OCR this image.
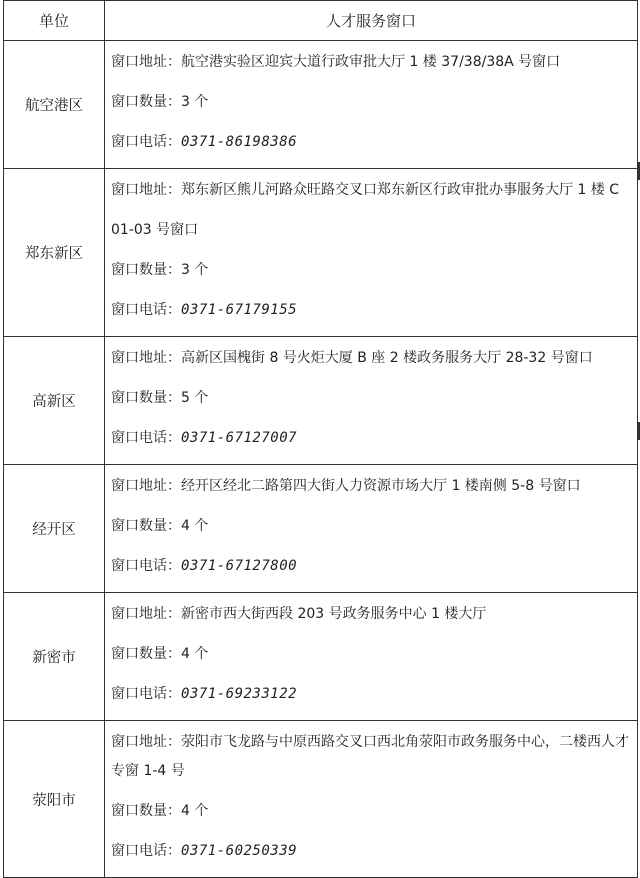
单位	人才服务窗口
航空港区	窗口地址：航空港实验区迎宾大道行政审批大厅 1 楼 37/38/38A 号窗口
窗口数量：3 个
窗口电话：0371-86198386

郑东新区	窗口地址：郑东新区熊儿河路众旺路交叉口郑东新区行政审批办事服务大厅 1 楼 C 01-03 号窗口
窗口数量：3 个
窗口电话：0371-67179155

高新区	窗口地址：高新区国槐街 8 号火炬大厦 B 座 2 楼政务服务大厅 28-32 号窗口
窗口数量：5 个
窗口电话：0371-67127007

经开区	窗口地址：经开区经北二路第四大街人力资源市场大厅 1 楼南侧 5-8 号窗口
窗口数量：4 个
窗口电话：0371-67127800

新密市	窗口地址：新密市西大街西段 203 号政务服务中心 1 楼大厅
窗口数量：4 个
窗口电话：0371-69233122

荥阳市	窗口地址：荥阳市飞龙路与中原西路交叉口西北角荥阳市政务服务中心，二楼西人才专窗 1-4 号
窗口数量：4 个
窗口电话：0371-60250339
